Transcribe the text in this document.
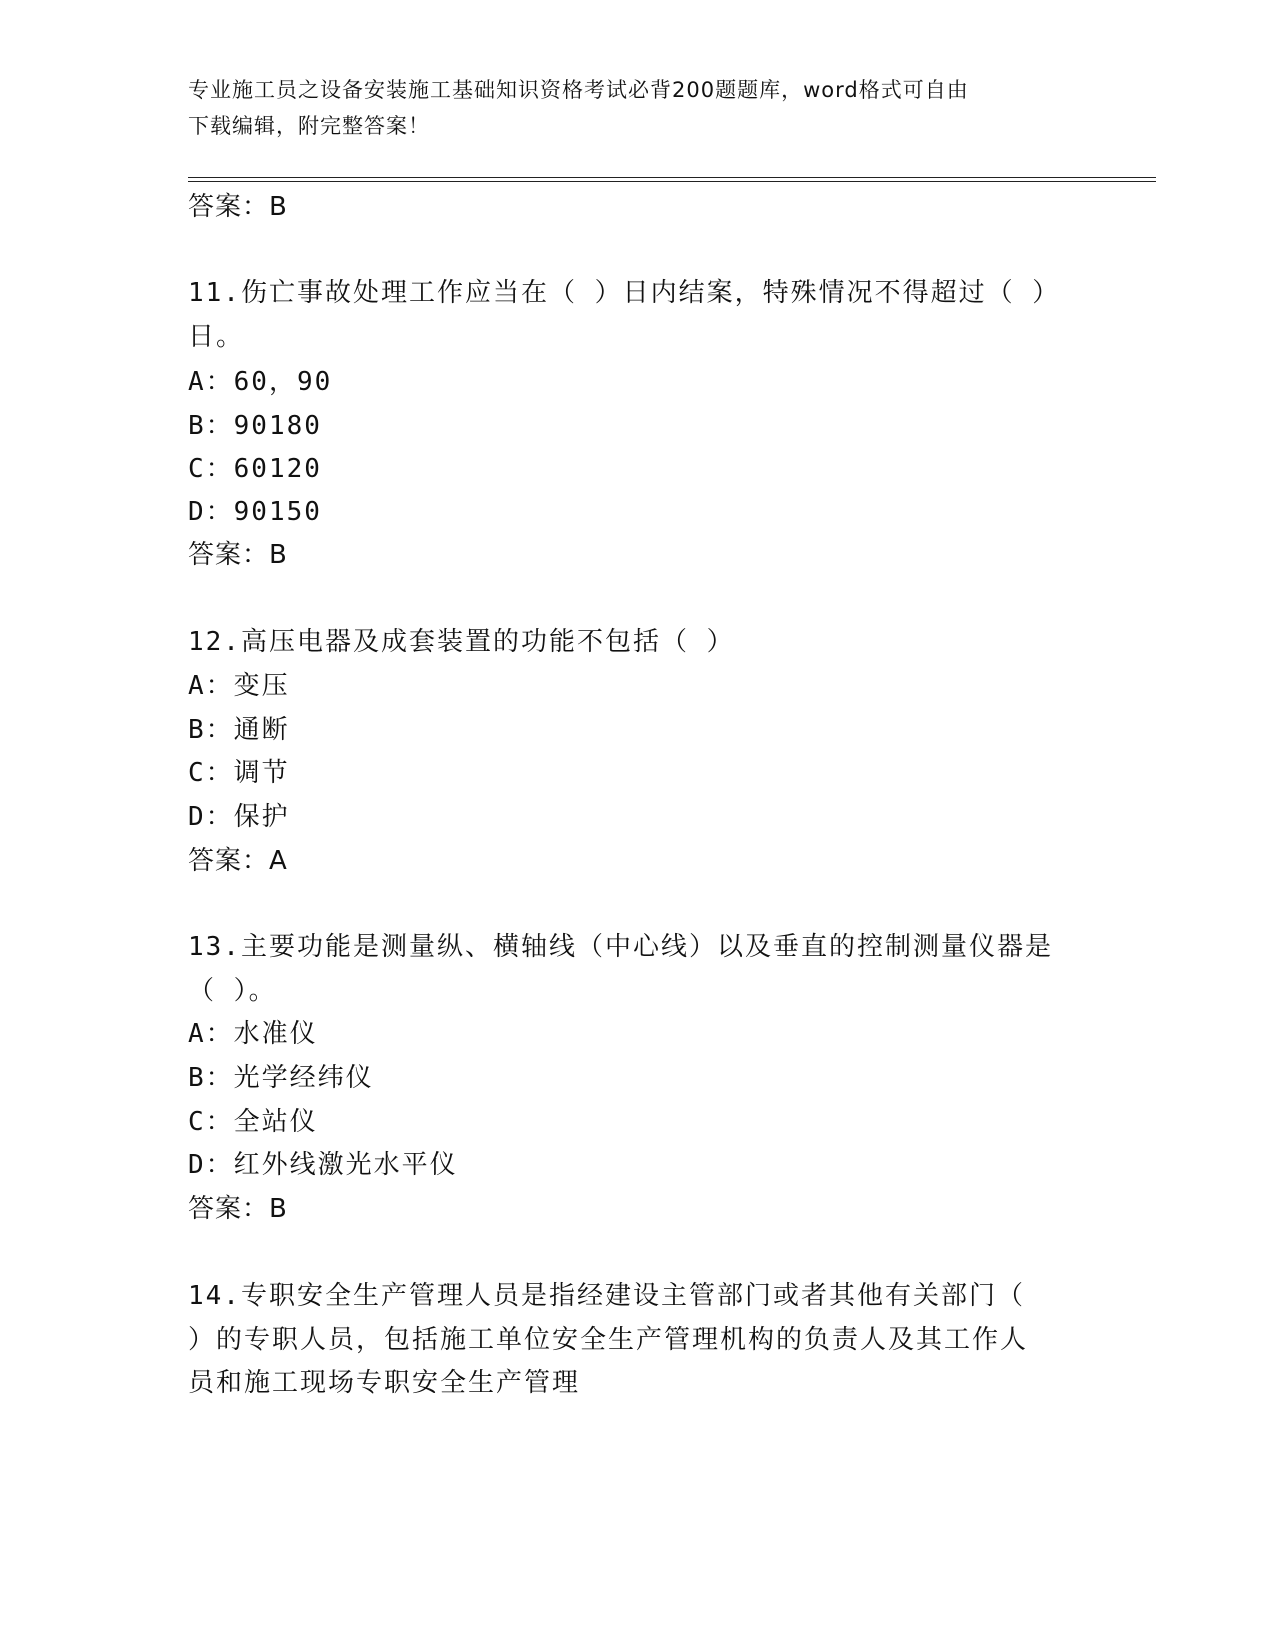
专业施工员之设备安装施工基础知识资格考试必背200题题库，word格式可自由
下载编辑，附完整答案！
答案：B
11.伤亡事故处理工作应当在（ ）日内结案，特殊情况不得超过（ ）
日。
A：60，90
B：90180
C：60120
D：90150
答案：B
12.高压电器及成套装置的功能不包括（ ）
A：变压
B：通断
C：调节
D：保护
答案：A
13.主要功能是测量纵、横轴线（中心线）以及垂直的控制测量仪器是
（ ）。
A：水准仪
B：光学经纬仪
C：全站仪
D：红外线激光水平仪
答案：B
14.专职安全生产管理人员是指经建设主管部门或者其他有关部门（
）的专职人员，包括施工单位安全生产管理机构的负责人及其工作人
员和施工现场专职安全生产管理
